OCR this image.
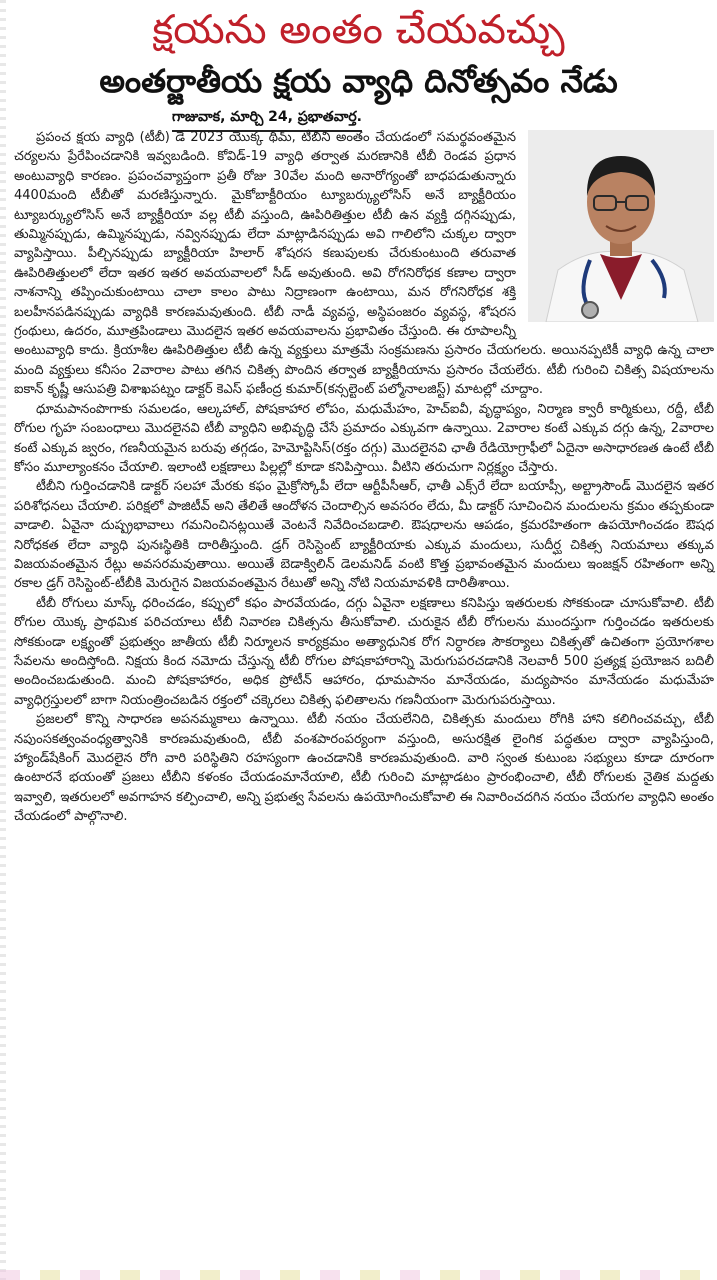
క్షయను అంతం చేయవచ్చు
అంతర్జాతీయ క్షయ వ్యాధి దినోత్సవం నేడు
గాజువాక, మార్చి 24, ప్రభాతవార్త.

ప్రపంచ క్షయ వ్యాధి (టీబీ) డే 2023 యొక్క థీమ్, టీబీని అంతం చేయడంలో సమర్థవంతమైన చర్యలను ప్రేరేపించడానికి ఇవ్వబడింది. కోవిడ్-19 వ్యాధి తర్వాత మరణానికి టీబీ రెండవ ప్రధాన అంటువ్యాధి కారణం. ప్రపంచవ్యాప్తంగా ప్రతీ రోజు 30వేల మంది అనారోగ్యంతో బాధపడుతున్నారు 4400మంది టీబీతో మరణిస్తున్నారు. మైకోబాక్టీరియం ట్యూబర్క్యులోసిస్ అనే బ్యాక్టీరియం ట్యూబర్క్యులోసిస్ అనే బ్యాక్టీరియా వల్ల టీబీ వస్తుంది, ఊపిరితిత్తుల టీబీ ఉన వ్యక్తి దగ్గినప్పుడు, తుమ్మినప్పుడు, ఉమ్మినప్పుడు, నవ్వినప్పుడు లేదా మాట్లాడినప్పుడు అవి గాలిలోని చుక్కల ద్వారా వ్యాపిస్తాయి. పీల్చినప్పుడు బ్యాక్టీరియా హిలార్ శోషరస కణుపులకు చేరుకుంటుంది తరువాత ఊపిరితిత్తులలో లేదా ఇతర ఇతర అవయవాలలో సీడ్ అవుతుంది. అవి రోగనిరోధక కణాల ద్వారా నాశనాన్ని తప్పించుకుంటాయి చాలా కాలం పాటు నిద్రాణంగా ఉంటాయి, మన రోగనిరోధక శక్తి బలహీనపడినప్పుడు వ్యాధికి కారణమవుతుంది. టీబీ నాడీ వ్యవస్థ, అస్థిపంజరం వ్యవస్థ, శోషరస గ్రంథులు, ఉదరం, మూత్రపిండాలు మొదలైన ఇతర అవయవాలను ప్రభావితం చేస్తుంది. ఈ రూపాలన్నీ అంటువ్యాధి కాదు. క్రియాశీల ఊపిరితిత్తుల టీబీ ఉన్న వ్యక్తులు మాత్రమే సంక్రమణను ప్రసారం చేయగలరు. అయినప్పటికీ వ్యాధి ఉన్న చాలా మంది వ్యక్తులు కనీసం 2వారాల పాటు తగిన చికిత్స పొందిన తర్వాత బ్యాక్టీరియాను ప్రసారం చేయలేరు. టీబీ గురించి చికిత్స విషయాలను ఐకాన్ కృష్ణీ ఆసుపత్రి విశాఖపట్నం డాక్టర్ కెఎస్ ఫణీంద్ర కుమార్(కన్సల్టెంట్ పల్మోనాలజిస్ట్) మాటల్లో చూద్దాం.

ధూమపానంపొగాకు సమలడం, ఆల్కహాల్, పోషకాహార లోపం, మధుమేహం, హెచ్ఐవీ, వృద్ధాప్యం, నిర్మాణ క్వారీ కార్మికులు, రద్దీ, టీబీ రోగుల గృహ సంబంధాలు మొదలైనవి టీబీ వ్యాధిని అభివృద్ధి చేసే ప్రమాదం ఎక్కువగా ఉన్నాయి. 2వారాల కంటే ఎక్కువ దగ్గు ఉన్న, 2వారాల కంటే ఎక్కువ జ్వరం, గణనీయమైన బరువు తగ్గడం, హెమోప్టిసిస్(రక్తం దగ్గు) మొదలైనవి ఛాతీ రేడియోగ్రాఫీలో ఏదైనా అసాధారణత ఉంటే టీబీ కోసం మూల్యాంకనం చేయాలి. ఇలాంటి లక్షణాలు పిల్లల్లో కూడా కనిపిస్తాయి. వీటిని తరుచుగా నిర్లక్ష్యం చేస్తారు.

టీబీని గుర్తించడానికి డాక్టర్ సలహా మేరకు కఫం మైక్రోస్కోపీ లేదా ఆర్టీపీసీఆర్, ఛాతీ ఎక్స్‌రే లేదా బయాప్సీ, అల్ట్రాసౌండ్ మొదలైన ఇతర పరిశోధనలు చేయాలి. పరిక్షలో పాజిటీవ్ అని తేలితే ఆందోళన చెందాల్సిన అవసరం లేదు, మీ డాక్టర్ సూచించిన మందులను క్రమం తప్పకుండా వాడాలి. ఏవైనా దుష్ప్రభావాలు గమనించినట్లయితే వెంటనే నివేదించబడాలి. ఔషధాలను ఆపడం, క్రమరహితంగా ఉపయోగించడం ఔషధ నిరోధకత లేదా వ్యాధి పునఃస్థితికి దారితీస్తుంది. డ్రగ్ రెసిస్టెంట్ బ్యాక్టీరియాకు ఎక్కువ మందులు, సుదీర్ఘ చికిత్స నియమాలు తక్కువ విజయవంతమైన రేట్లు అవసరమవుతాయి. అయితే బెడాక్విలిన్ డెలమనిడ్ వంటి కొత్త ప్రభావంతమైన మందులు ఇంజక్షన్ రహితంగా అన్ని రకాల డ్రగ్ రెసిస్టెంట్-టీబీకి మెరుగైన విజయవంతమైన రేటుతో అన్ని నోటి నియమావళికి దారితీశాయి.

టీబీ రోగులు మాస్క్ ధరించడం, కప్పులో కఫం పారవేయడం, దగ్గు ఏవైనా లక్షణాలు కనిపిస్తు ఇతరులకు సోకకుండా చూసుకోవాలి. టీబీ రోగుల యొక్క ప్రాథమిక పరిచయాలు టీబీ నివారణ చికిత్సను తీసుకోవాలి. చురుకైన టీబీ రోగులను ముందస్తుగా గుర్తించడం ఇతరులకు సోకకుండా లక్ష్యంతో ప్రభుత్వం జాతీయ టీబీ నిర్మూలన కార్యక్రమం అత్యాధునిక రోగ నిర్ధారణ సౌకర్యాలు చికిత్సతో ఉచితంగా ప్రయోగశాల సేవలను అందిస్తోంది. నిక్షయ కింద నమోదు చేస్తున్న టీబీ రోగుల పోషకాహారాన్ని మెరుగుపరచడానికి నెలవారీ 500 ప్రత్యక్ష ప్రయోజన బదిలీ అందించబడుతుంది. మంచి పోషకాహారం, అధిక ప్రోటీన్ ఆహారం, ధూమపానం మానేయడం, మద్యపానం మానేయడం మధుమేహ వ్యాధిగ్రస్తులలో బాగా నియంత్రించబడిన రక్తంలో చక్కెరలు చికిత్స ఫలితాలను గణనీయంగా మెరుగుపరుస్తాయి.

ప్రజలలో కొన్ని సాధారణ అపనమ్మకాలు ఉన్నాయి. టీబీ నయం చేయలేనిది, చికిత్సకు మందులు రోగికి హాని కలిగించవచ్చు, టీబీ నపుంసకత్వంవంధ్యత్వానికి కారణమవుతుంది, టీబీ వంశపారంపర్యంగా వస్తుంది, అసురక్షిత లైంగిక పద్ధతుల ద్వారా వ్యాపిస్తుంది, హ్యాండ్‌షేకింగ్ మొదలైన రోగి వారి పరిస్థితిని రహస్యంగా ఉంచడానికి కారణమవుతుంది. వారి స్వంత కుటుంబ సభ్యులు కూడా దూరంగా ఉంటారనే భయంతో ప్రజలు టీబీని కళంకం చేయడంమానేయాలి, టీబీ గురించి మాట్లాడటం ప్రారంభించాలి, టీబీ రోగులకు నైతిక మద్దతు ఇవ్వాలి, ఇతరులలో అవగాహన కల్పించాలి, అన్ని ప్రభుత్వ సేవలను ఉపయోగించుకోవాలి ఈ నివారించదగిన నయం చేయగల వ్యాధిని అంతం చేయడంలో పాల్గొనాలి.
